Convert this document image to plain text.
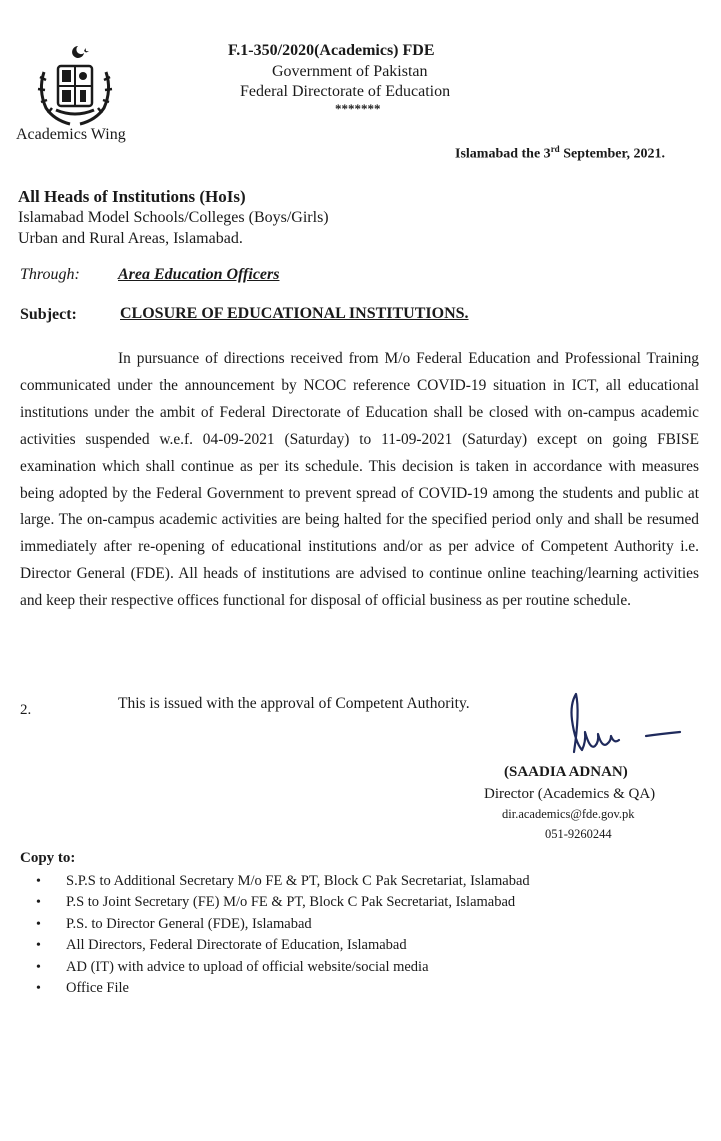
Academics Wing
F.1-350/2020(Academics) FDE
Government of Pakistan
Federal Directorate of Education
*******
Islamabad the 3rd September, 2021.
All Heads of Institutions (HoIs)
Islamabad Model Schools/Colleges (Boys/Girls)
Urban and Rural Areas, Islamabad.
Through: Area Education Officers
Subject:	CLOSURE OF EDUCATIONAL INSTITUTIONS.
In pursuance of directions received from M/o Federal Education and Professional Training communicated under the announcement by NCOC reference COVID-19 situation in ICT, all educational institutions under the ambit of Federal Directorate of Education shall be closed with on-campus academic activities suspended w.e.f. 04-09-2021 (Saturday) to 11-09-2021 (Saturday) except on going FBISE examination which shall continue as per its schedule. This decision is taken in accordance with measures being adopted by the Federal Government to prevent spread of COVID-19 among the students and public at large. The on-campus academic activities are being halted for the specified period only and shall be resumed immediately after re-opening of educational institutions and/or as per advice of Competent Authority i.e. Director General (FDE). All heads of institutions are advised to continue online teaching/learning activities and keep their respective offices functional for disposal of official business as per routine schedule.
2.	This is issued with the approval of Competent Authority.
(SAADIA ADNAN)
Director (Academics & QA)
dir.academics@fde.gov.pk
051-9260244
Copy to:
• S.P.S to Additional Secretary M/o FE & PT, Block C Pak Secretariat, Islamabad
• P.S to Joint Secretary (FE) M/o FE & PT, Block C Pak Secretariat, Islamabad
• P.S. to Director General (FDE), Islamabad
• All Directors, Federal Directorate of Education, Islamabad
• AD (IT) with advice to upload of official website/social media
• Office File
